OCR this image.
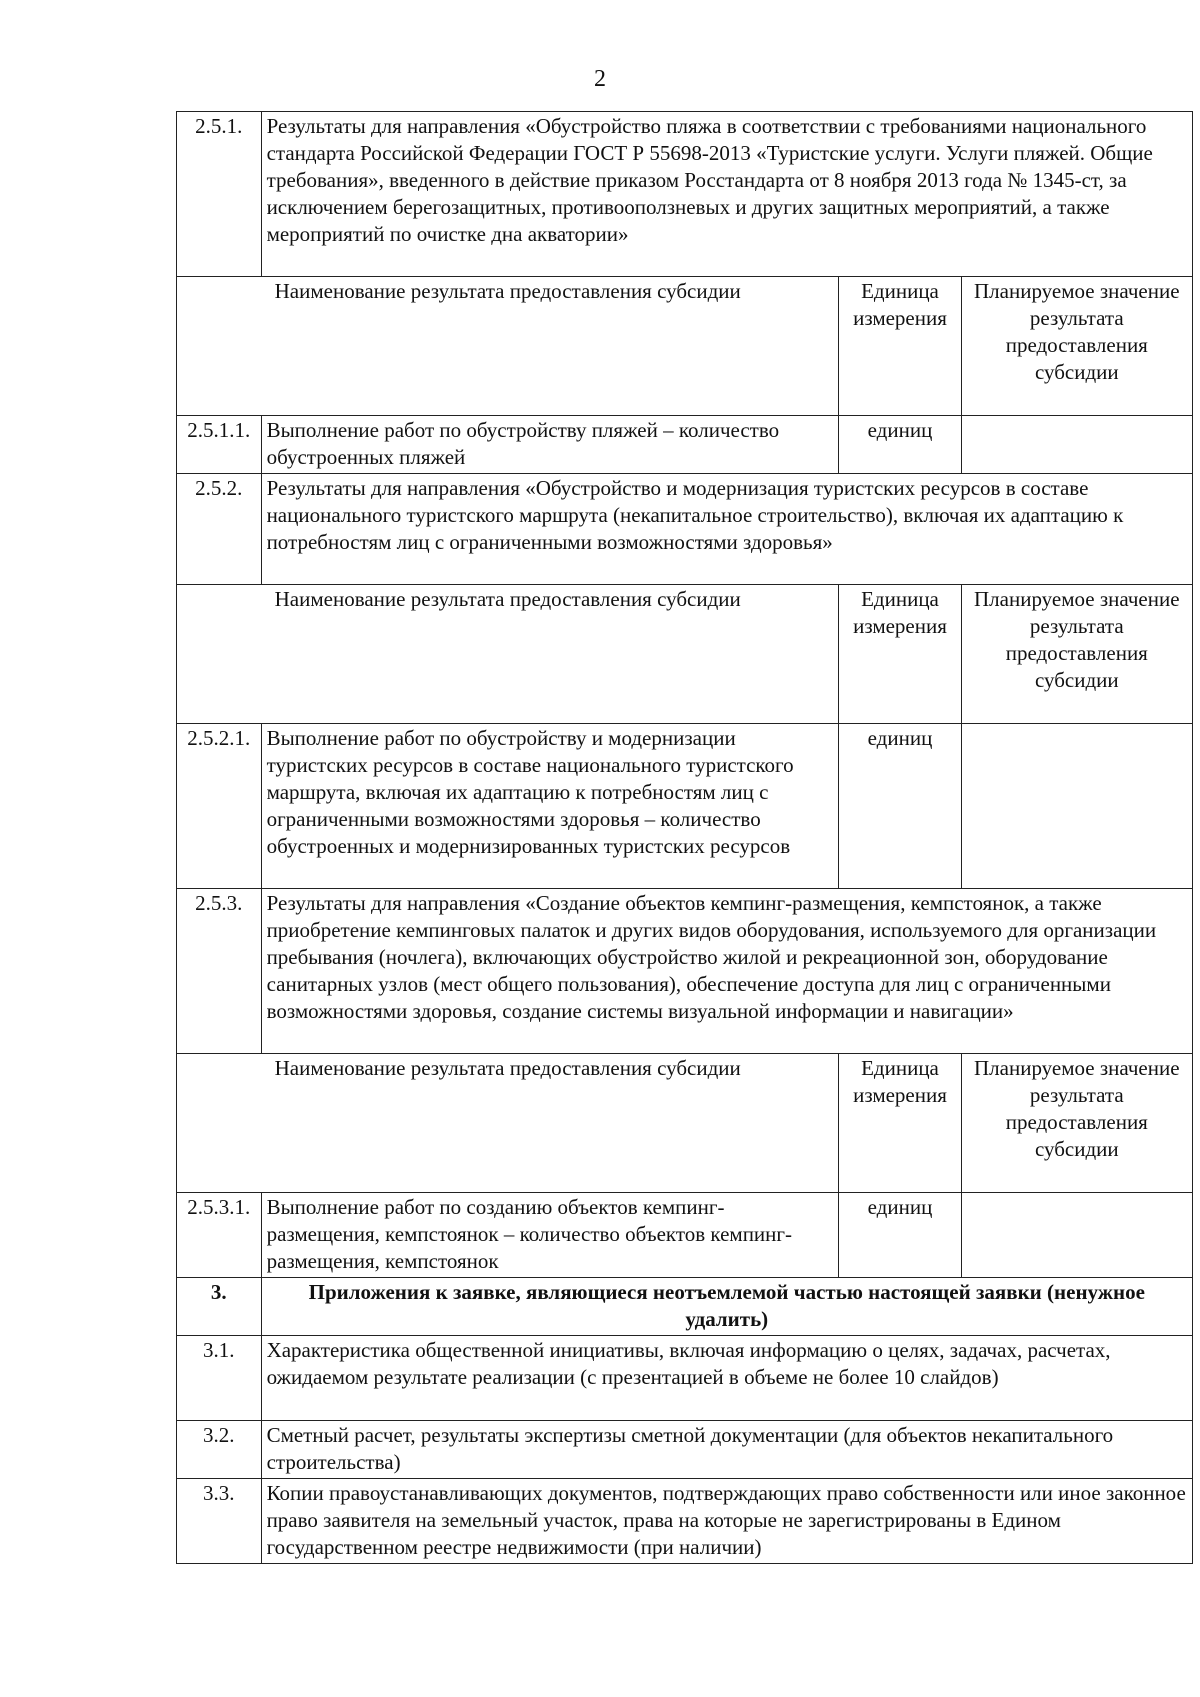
2
2.5.1.	Результаты для направления «Обустройство пляжа в соответствии с требованиями национального стандарта Российской Федерации ГОСТ Р 55698-2013 «Туристские услуги. Услуги пляжей. Общие требования», введенного в действие приказом Росстандарта от 8 ноября 2013 года № 1345-ст, за исключением берегозащитных, противооползневых и других защитных мероприятий, а также мероприятий по очистке дна акватории»		
Наименование результата предоставления субсидии		Единица измерения	Планируемое значение результата предоставления субсидии
2.5.1.1.	Выполнение работ по обустройству пляжей – количество обустроенных пляжей	единиц	
2.5.2.	Результаты для направления «Обустройство и модернизация туристских ресурсов в составе национального туристского маршрута (некапитальное строительство), включая их адаптацию к потребностям лиц с ограниченными возможностями здоровья»		
Наименование результата предоставления субсидии		Единица измерения	Планируемое значение результата предоставления субсидии
2.5.2.1.	Выполнение работ по обустройству и модернизации туристских ресурсов в составе национального туристского маршрута, включая их адаптацию к потребностям лиц с ограниченными возможностями здоровья – количество обустроенных и модернизированных туристских ресурсов	единиц	
2.5.3.	Результаты для направления «Создание объектов кемпинг-размещения, кемпстоянок, а также приобретение кемпинговых палаток и других видов оборудования, используемого для организации пребывания (ночлега), включающих обустройство жилой и рекреационной зон, оборудование санитарных узлов (мест общего пользования), обеспечение доступа для лиц с ограниченными возможностями здоровья, создание системы визуальной информации и навигации»		
Наименование результата предоставления субсидии		Единица измерения	Планируемое значение результата предоставления субсидии
2.5.3.1.	Выполнение работ по созданию объектов кемпинг-размещения, кемпстоянок – количество объектов кемпинг-размещения, кемпстоянок	единиц	
3.	Приложения к заявке, являющиеся неотъемлемой частью настоящей заявки (ненужное удалить)		
3.1.	Характеристика общественной инициативы, включая информацию о целях, задачах, расчетах, ожидаемом результате реализации (с презентацией в объеме не более 10 слайдов)		
3.2.	Сметный расчет, результаты экспертизы сметной документации (для объектов некапитального строительства)		
3.3.	Копии правоустанавливающих документов, подтверждающих право собственности или иное законное право заявителя на земельный участок, права на которые не зарегистрированы в Едином государственном реестре недвижимости (при наличии)		
